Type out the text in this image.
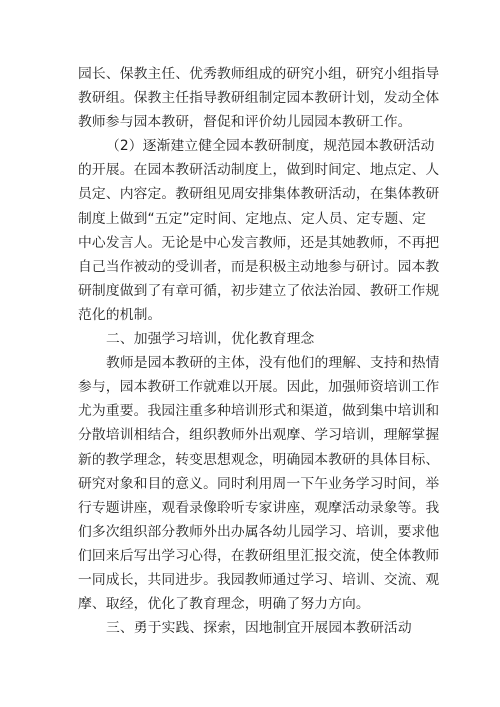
园长、保教主任、优秀教师组成的研究小组，研究小组指导
教研组。保教主任指导教研组制定园本教研计划，发动全体
教师参与园本教研，督促和评价幼儿园园本教研工作。
（2）逐渐建立健全园本教研制度，规范园本教研活动
的开展。在园本教研活动制度上，做到时间定、地点定、人
员定、内容定。教研组见周安排集体教研活动，在集体教研
制度上做到“五定”定时间、定地点、定人员、定专题、定
中心发言人。无论是中心发言教师，还是其她教师，不再把
自己当作被动的受训者，而是积极主动地参与研讨。园本教
研制度做到了有章可循，初步建立了依法治园、教研工作规
范化的机制。
二、加强学习培训，优化教育理念
教师是园本教研的主体，没有他们的理解、支持和热情
参与，园本教研工作就难以开展。因此，加强师资培训工作
尤为重要。我园注重多种培训形式和渠道，做到集中培训和
分散培训相结合，组织教师外出观摩、学习培训，理解掌握
新的教学理念，转变思想观念，明确园本教研的具体目标、
研究对象和目的意义。同时利用周一下午业务学习时间，举
行专题讲座，观看录像聆听专家讲座，观摩活动录象等。我
们多次组织部分教师外出办属各幼儿园学习、培训，要求他
们回来后写出学习心得，在教研组里汇报交流，使全体教师
一同成长，共同进步。我园教师通过学习、培训、交流、观
摩、取经，优化了教育理念，明确了努力方向。
三、勇于实践、探索，因地制宜开展园本教研活动
